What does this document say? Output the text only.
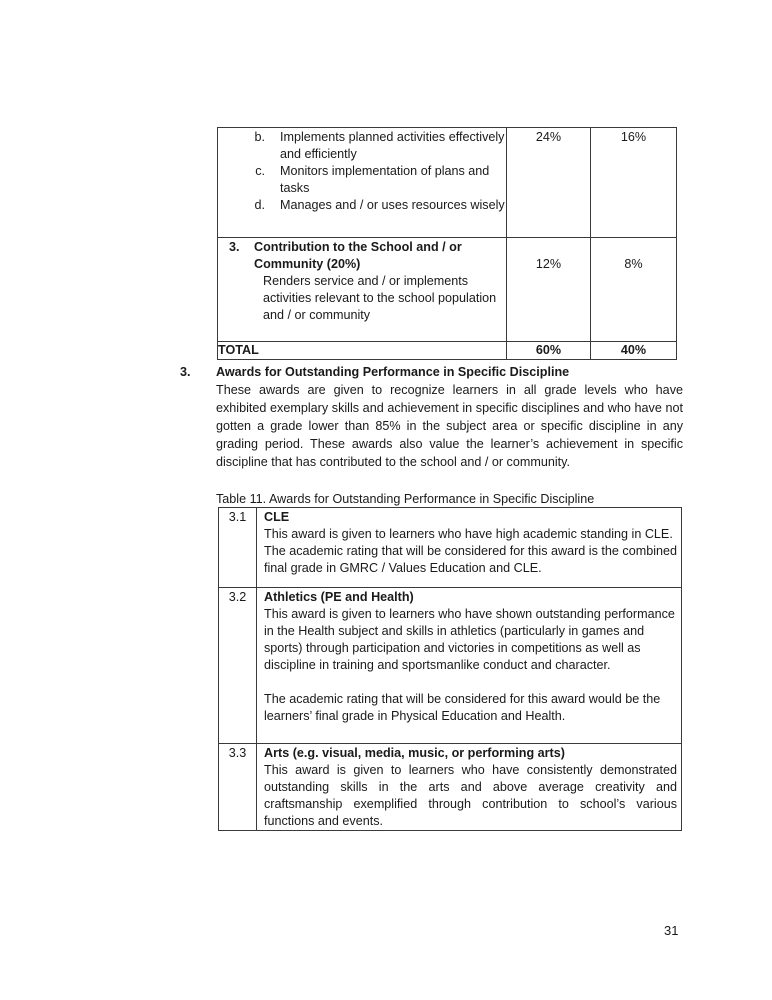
b.	Implements planned activities effectively and efficiently
c.	Monitors implementation of plans and tasks
d.	Manages and / or uses resources wisely
	24%	16%

3. Contribution to the School and / or Community (20%)
Renders service and / or implements activities relevant to the school population and / or community	12%	8%
TOTAL	60%	40%
3.	Awards for Outstanding Performance in Specific Discipline

These awards are given to recognize learners in all grade levels who have exhibited exemplary skills and achievement in specific disciplines and who have not gotten a grade lower than 85% in the subject area or specific discipline in any grading period. These awards also value the learner’s achievement in specific discipline that has contributed to the school and / or community.

Table 11. Awards for Outstanding Performance in Specific Discipline
3.1	CLE

This award is given to learners who have high academic standing in CLE. The academic rating that will be considered for this award is the combined final grade in GMRC / Values Education and CLE.

3.2	Athletics (PE and Health)

This award is given to learners who have shown outstanding performance in the Health subject and skills in athletics (particularly in games and sports) through participation and victories in competitions as well as discipline in training and sportsmanlike conduct and character.

The academic rating that will be considered for this award would be the learners’ final grade in Physical Education and Health.

3.3	Arts (e.g. visual, media, music, or performing arts)

This award is given to learners who have consistently demonstrated outstanding skills in the arts and above average creativity and craftsmanship exemplified through contribution to school’s various functions and events.

31
